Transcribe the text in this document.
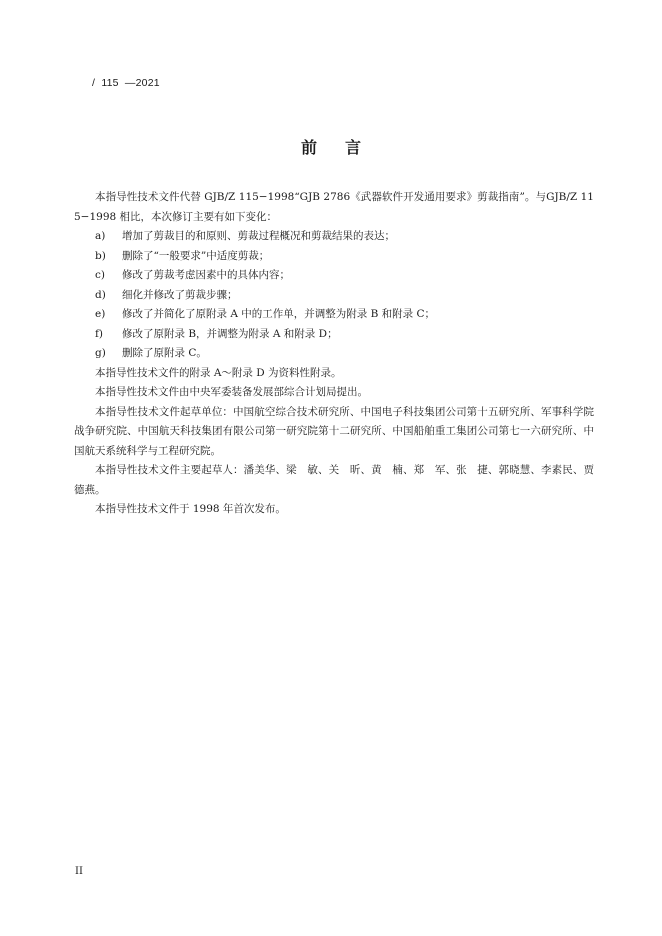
/  115  —2021
前言

本指导性技术文件代替 GJB/Z 115−1998“GJB 2786《武器软件开发通用要求》剪裁指南”。与GJB/Z 115−1998 相比，本次修订主要有如下变化：

a) 增加了剪裁目的和原则、剪裁过程概况和剪裁结果的表达；

b) 删除了“一般要求”中适度剪裁；

c) 修改了剪裁考虑因素中的具体内容；

d) 细化并修改了剪裁步骤；

e) 修改了并简化了原附录 A 中的工作单，并调整为附录 B 和附录 C；

f) 修改了原附录 B，并调整为附录 A 和附录 D；

g) 删除了原附录 C。

本指导性技术文件的附录 A～附录 D 为资料性附录。

本指导性技术文件由中央军委装备发展部综合计划局提出。

本指导性技术文件起草单位：中国航空综合技术研究所、中国电子科技集团公司第十五研究所、军事科学院战争研究院、中国航天科技集团有限公司第一研究院第十二研究所、中国船舶重工集团公司第七一六研究所、中国航天系统科学与工程研究院。

本指导性技术文件主要起草人：潘美华、梁　敏、关　昕、黄　楠、郑　军、张　捷、郭晓慧、李素民、贾德燕。

本指导性技术文件于 1998 年首次发布。

II
